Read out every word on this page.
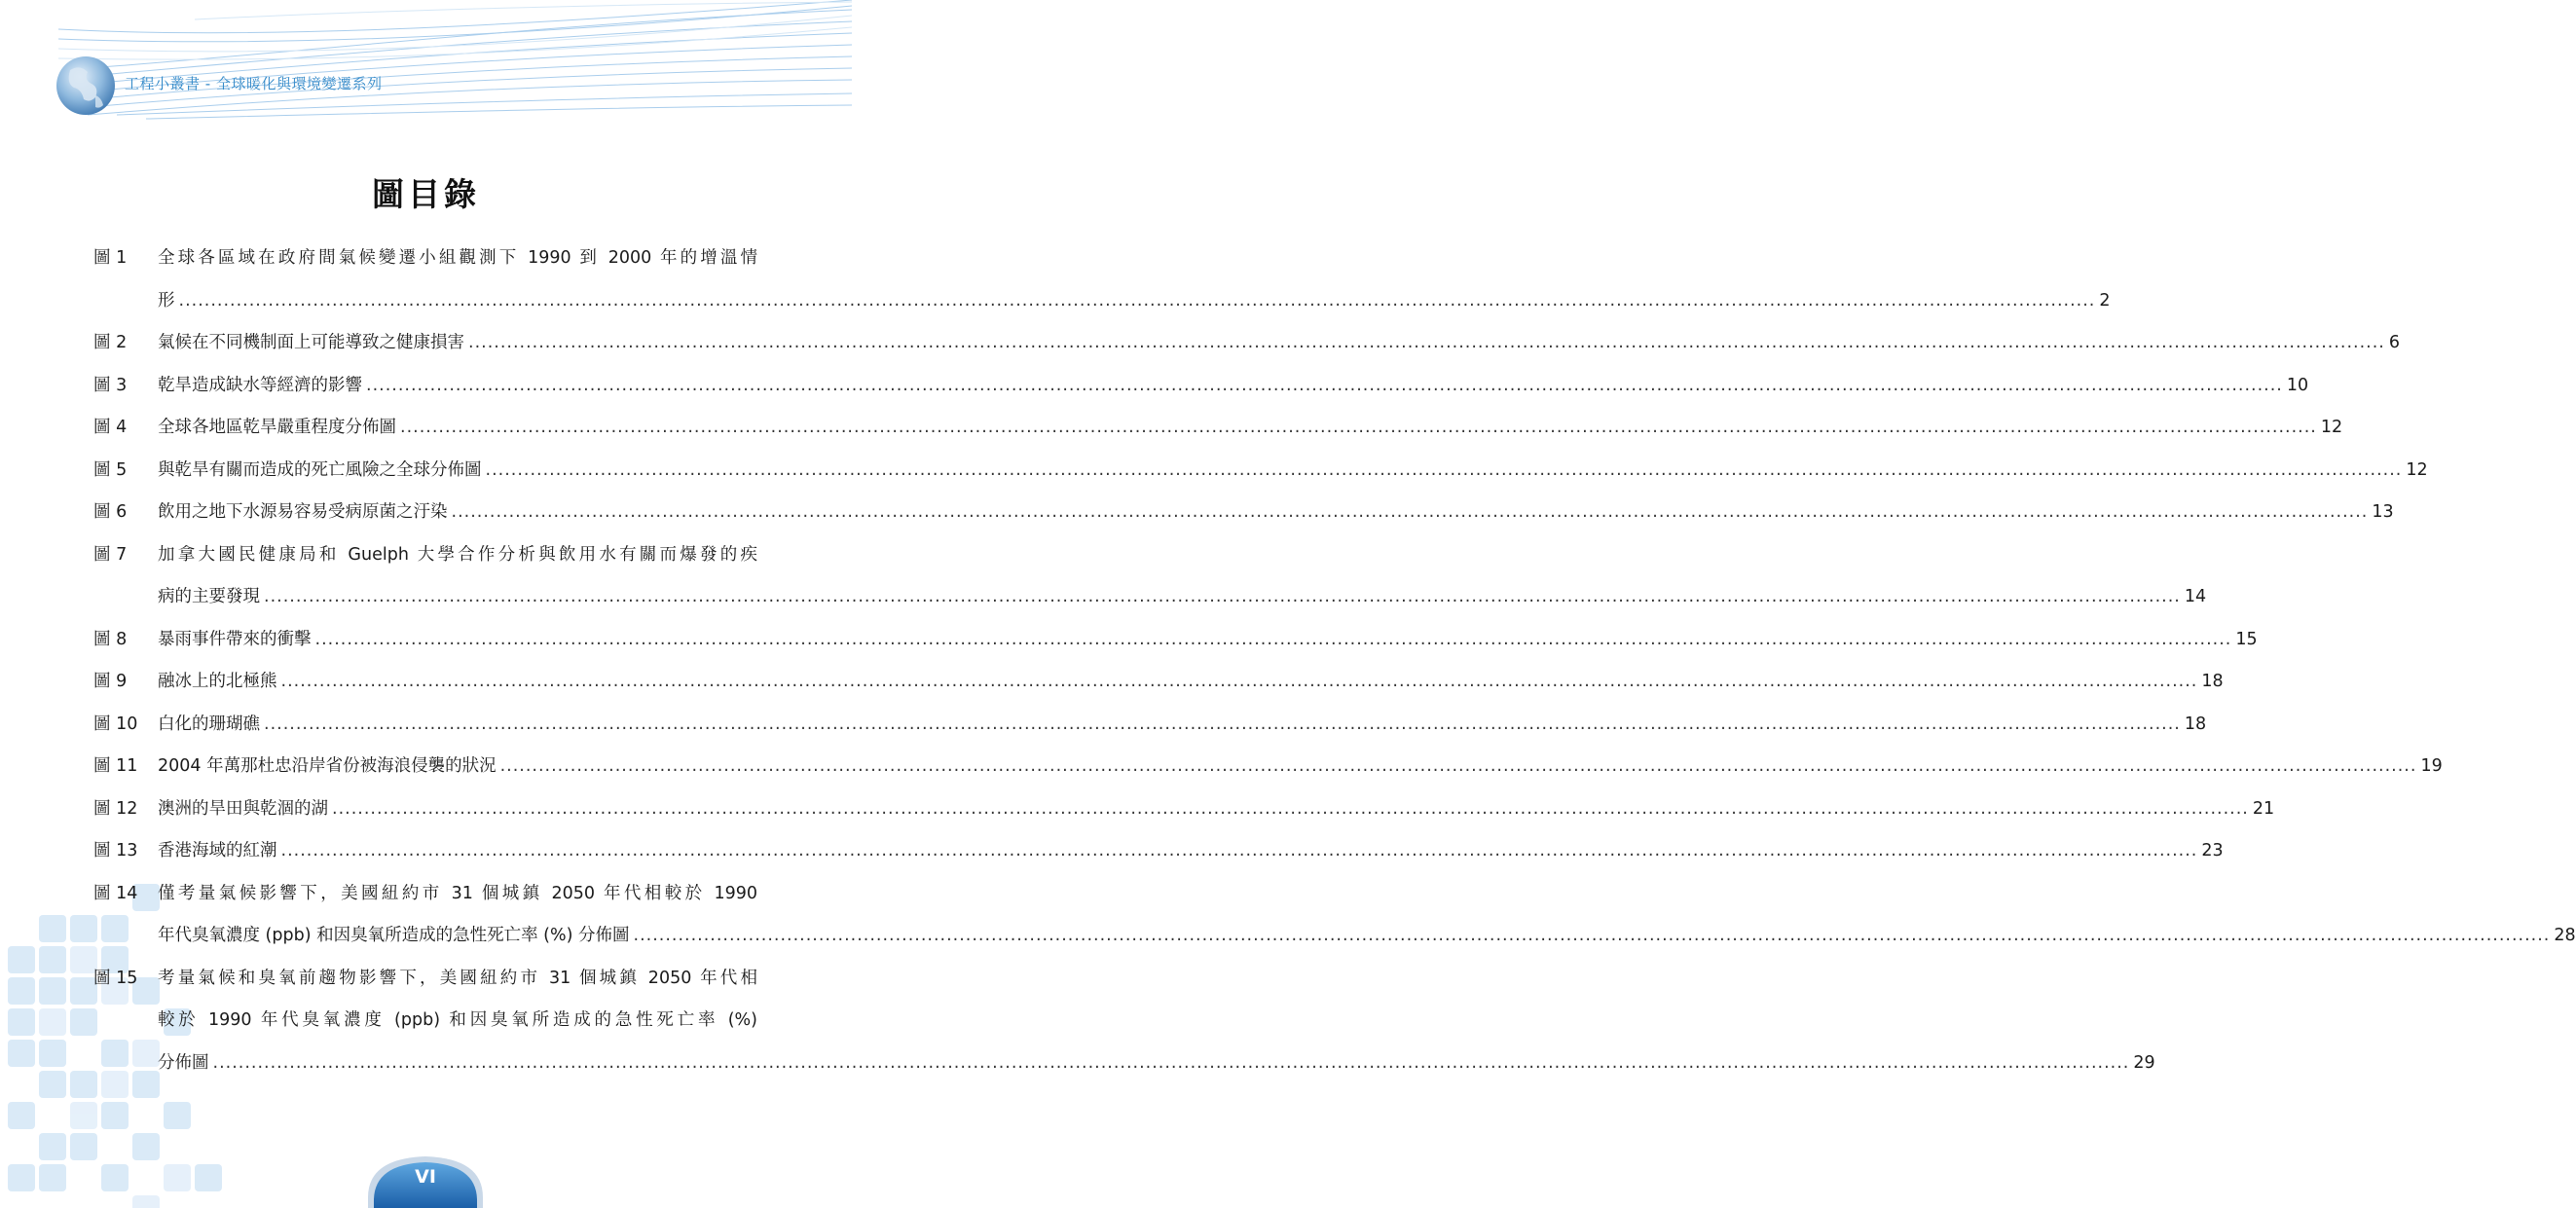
工程小叢書 - 全球暖化與環境變遷系列
圖目錄
圖 1	全球各區域在政府間氣候變遷小組觀測下 1990 到 2000 年的增溫情
形 ............................................................................................................................................................................................................................................................................................................ 2
圖 2	氣候在不同機制面上可能導致之健康損害 ............................................................................................................................................................................................................................................................................................................ 6
圖 3	乾旱造成缺水等經濟的影響 ............................................................................................................................................................................................................................................................................................................ 10
圖 4	全球各地區乾旱嚴重程度分佈圖 ............................................................................................................................................................................................................................................................................................................ 12
圖 5	與乾旱有關而造成的死亡風險之全球分佈圖 ............................................................................................................................................................................................................................................................................................................ 12
圖 6	飲用之地下水源易容易受病原菌之汙染 ............................................................................................................................................................................................................................................................................................................ 13
圖 7	加拿大國民健康局和 Guelph 大學合作分析與飲用水有關而爆發的疾
病的主要發現 ............................................................................................................................................................................................................................................................................................................ 14
圖 8	暴雨事件帶來的衝擊 ............................................................................................................................................................................................................................................................................................................ 15
圖 9	融冰上的北極熊 ............................................................................................................................................................................................................................................................................................................ 18
圖 10	白化的珊瑚礁 ............................................................................................................................................................................................................................................................................................................ 18
圖 11	2004 年萬那杜忠沿岸省份被海浪侵襲的狀況 ............................................................................................................................................................................................................................................................................................................ 19
圖 12	澳洲的旱田與乾涸的湖 ............................................................................................................................................................................................................................................................................................................ 21
圖 13	香港海域的紅潮 ............................................................................................................................................................................................................................................................................................................ 23
圖 14	僅考量氣候影響下，美國紐約市 31 個城鎮 2050 年代相較於 1990
年代臭氧濃度 (ppb) 和因臭氧所造成的急性死亡率 (%) 分佈圖 ............................................................................................................................................................................................................................................................................................................ 28
圖 15	考量氣候和臭氧前趨物影響下，美國紐約市 31 個城鎮 2050 年代相
較於 1990 年代臭氧濃度 (ppb) 和因臭氧所造成的急性死亡率 (%)
分佈圖 ............................................................................................................................................................................................................................................................................................................ 29
VI
